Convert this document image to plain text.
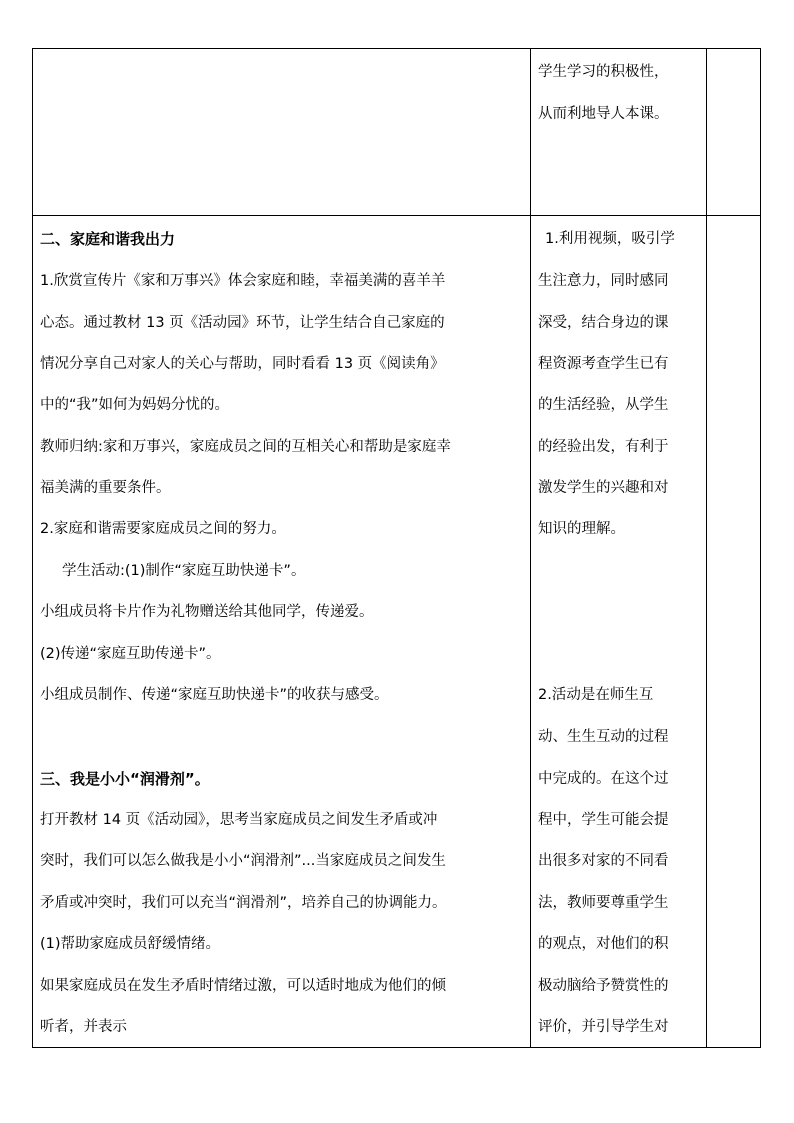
学生学习的积极性，
从而利地导人本课。
二、家庭和谐我出力
1.欣赏宣传片《家和万事兴》体会家庭和睦，幸福美满的喜羊羊
心态。通过教材 13 页《活动园》环节，让学生结合自己家庭的
情况分享自己对家人的关心与帮助，同时看看 13 页《阅读角》
中的“我”如何为妈妈分忧的。
教师归纳:家和万事兴，家庭成员之间的互相关心和帮助是家庭幸
福美满的重要条件。
2.家庭和谐需要家庭成员之间的努力。
学生活动:(1)制作“家庭互助快递卡”。
小组成员将卡片作为礼物赠送给其他同学，传递爱。
(2)传递“家庭互助传递卡”。
小组成员制作、传递“家庭互助快递卡”的收获与感受。
三、我是小小“润滑剂”。
打开教材 14 页《活动园》，思考当家庭成员之间发生矛盾或冲
突时，我们可以怎么做我是小小“润滑剂”...当家庭成员之间发生
矛盾或冲突时，我们可以充当“润滑剂”，培养自己的协调能力。
(1)帮助家庭成员舒缓情绪。
如果家庭成员在发生矛盾时情绪过激，可以适时地成为他们的倾
听者，并表示
1.利用视频，吸引学
生注意力，同时感同
深受，结合身边的课
程资源考查学生已有
的生活经验，从学生
的经验出发，有利于
激发学生的兴趣和对
知识的理解。
2.活动是在师生互
动、生生互动的过程
中完成的。在这个过
程中，学生可能会提
出很多对家的不同看
法，教师要尊重学生
的观点，对他们的积
极动脑给予赞赏性的
评价，并引导学生对
